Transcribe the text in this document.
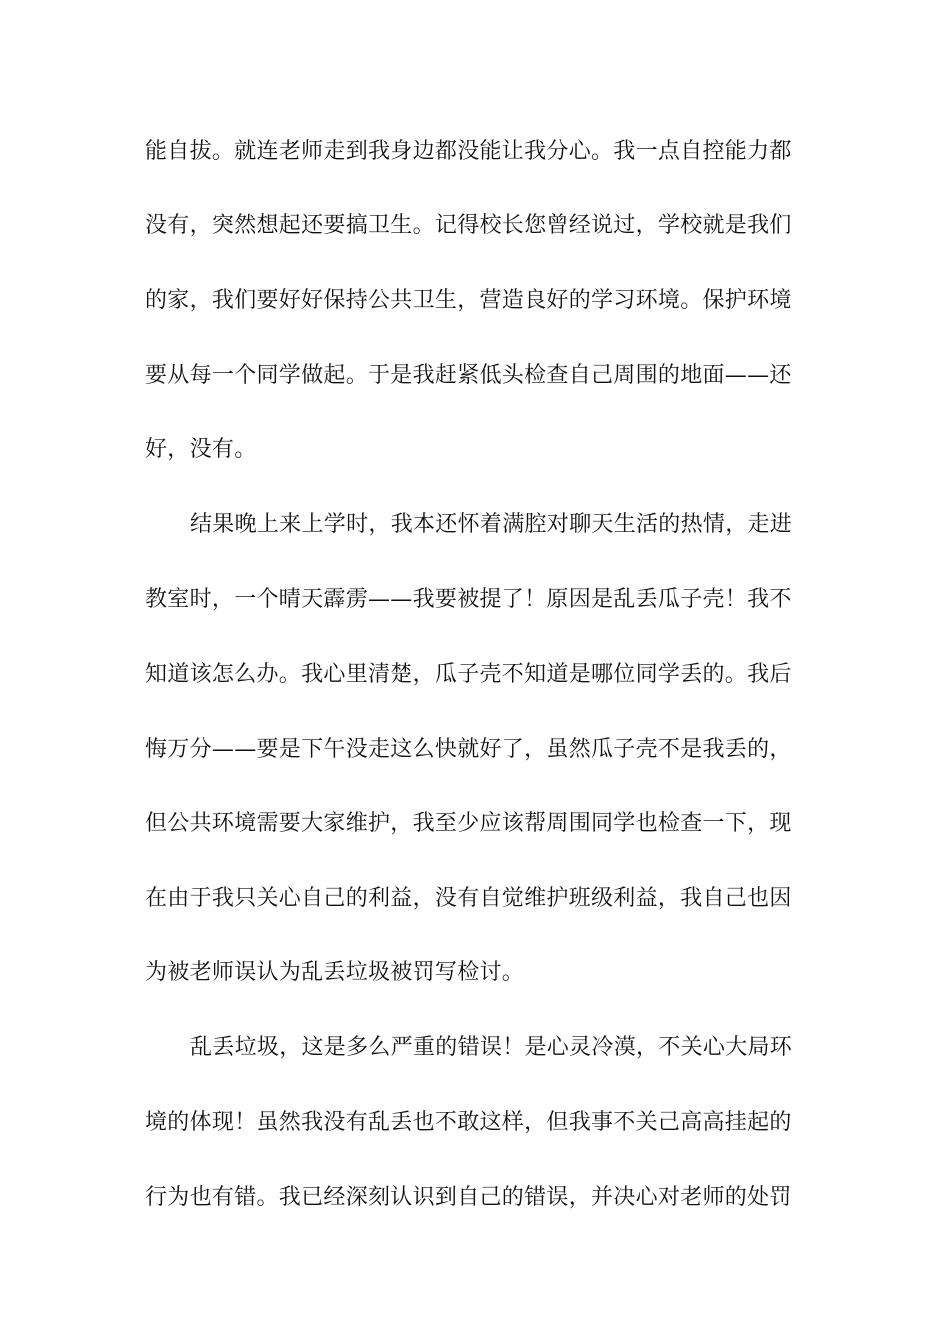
能自拔。就连老师走到我身边都没能让我分心。我一点自控能力都
没有，突然想起还要搞卫生。记得校长您曾经说过，学校就是我们
的家，我们要好好保持公共卫生，营造良好的学习环境。保护环境
要从每一个同学做起。于是我赶紧低头检查自己周围的地面——还
好，没有。
结果晚上来上学时，我本还怀着满腔对聊天生活的热情，走进
教室时，一个晴天霹雳——我要被提了！原因是乱丢瓜子壳！我不
知道该怎么办。我心里清楚，瓜子壳不知道是哪位同学丢的。我后
悔万分——要是下午没走这么快就好了，虽然瓜子壳不是我丢的，
但公共环境需要大家维护，我至少应该帮周围同学也检查一下，现
在由于我只关心自己的利益，没有自觉维护班级利益，我自己也因
为被老师误认为乱丢垃圾被罚写检讨。
乱丢垃圾，这是多么严重的错误！是心灵冷漠，不关心大局环
境的体现！虽然我没有乱丢也不敢这样，但我事不关己高高挂起的
行为也有错。我已经深刻认识到自己的错误，并决心对老师的处罚
